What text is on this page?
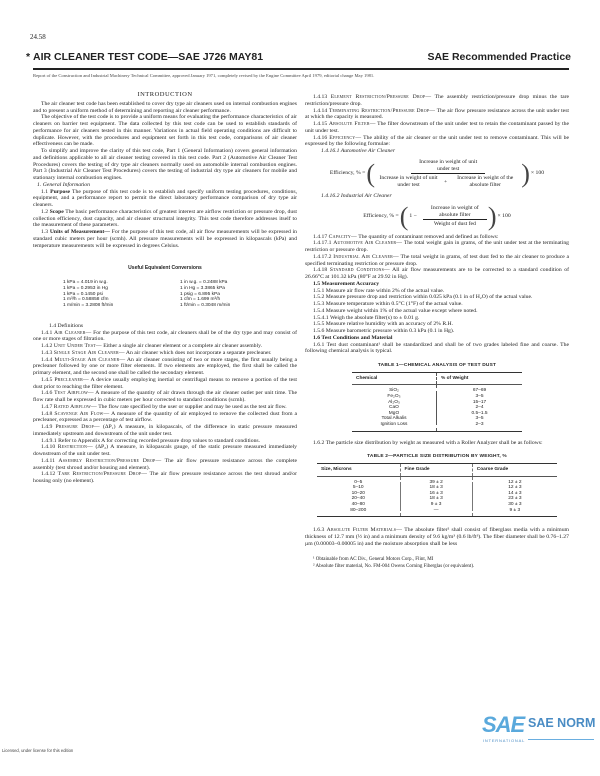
24.58
* AIR CLEANER TEST CODE—SAE J726 MAY81	SAE Recommended Practice
Report of the Construction and Industrial Machinery Technical Committee, approved January 1971, completely revised by the Engine Committee April 1979, editorial change May 1981.

INTRODUCTION

The air cleaner test code has been established to cover dry type air cleaners used on internal combustion engines and to present a uniform method of determining and reporting air cleaner performance.

The objective of the test code is to provide a uniform means for evaluating the performance characteristics of air cleaners on barrier test equipment. The data collected by this test code can be used to establish standards of performance for air cleaners tested in this manner. Variations in actual field operating conditions are difficult to duplicate. However, with the procedures and equipment set forth in this test code, comparisons of air cleaner effectiveness can be made.

To simplify and improve the clarity of this test code, Part 1 (General Information) covers general information and definitions applicable to all air cleaner testing covered in this test code. Part 2 (Automotive Air Cleaner Test Procedures) covers the testing of dry type air cleaners normally used on automobile internal combustion engines. Part 3 (Industrial Air Cleaner Test Procedures) covers the testing of industrial dry type air cleaners for mobile and stationary internal combustion engines.

1. General Information

1.1 Purpose The purpose of this test code is to establish and specify uniform testing procedures, conditions, equipment, and a performance report to permit the direct laboratory performance comparison of dry type air cleaners.

1.2 Scope The basic performance characteristics of greatest interest are airflow restriction or pressure drop, dust collection efficiency, dust capacity, and air cleaner structural integrity. This test code therefore addresses itself to the measurement of these parameters.

1.3 Units of Measurement— For the purpose of this test code, all air flow measurements will be expressed in standard cubic meters per hour (scmh). All pressure measurements will be expressed in kilopascals (kPa) and temperature measurements will be expressed in degrees Celsius.

Useful Equivalent Conversions
1 kPa = 4.019 in w.g.
1 kPa = 0.2953 in Hg
1 kPa = 0.1450 psi
1 m³/h = 0.58858 cfm
1 m/min = 3.2808 ft/min
1 in w.g. = 0.2488 kPa
1 in Hg = 3.3865 kPa
1 psig = 6.895 kPa
1 cfm = 1.699 m³/h
1 ft/min = 0.3048 m/min

1.4 Definitions

1.4.1 Air Cleaner— For the purpose of this test code, air cleaners shall be of the dry type and may consist of one or more stages of filtration.

1.4.2 Unit Under Test— Either a single air cleaner element or a complete air cleaner assembly.

1.4.3 Single Stage Air Cleaner— An air cleaner which does not incorporate a separate precleaner.

1.4.4 Multi-Stage Air Cleaner— An air cleaner consisting of two or more stages, the first usually being a precleaner followed by one or more filter elements. If two elements are employed, the first shall be called the primary element, and the second one shall be called the secondary element.

1.4.5 Precleaner— A device usually employing inertial or centrifugal means to remove a portion of the test dust prior to reaching the filter element.

1.4.6 Test Airflow— A measure of the quantity of air drawn through the air cleaner outlet per unit time. The flow rate shall be expressed in cubic meters per hour corrected to standard conditions (scmh).

1.4.7 Rated Airflow— The flow rate specified by the user or supplier and may be used as the test air flow.

1.4.8 Scavenge Air Flow— A measure of the quantity of air employed to remove the collected dust from a precleaner, expressed as a percentage of test airflow.

1.4.9 Pressure Drop— (ΔP₁) A measure, in kilopascals, of the difference in static pressure measured immediately upstream and downstream of the unit under test.

1.4.9.1 Refer to Appendix A for correcting recorded pressure drop values to standard conditions.

1.4.10 Restriction— (ΔP₂) A measure, in kilopascals gauge, of the static pressure measured immediately downstream of the unit under test.

1.4.11 Assembly Restriction/Pressure Drop— The air flow pressure resistance across the complete assembly (test shroud and/or housing and element).

1.4.12 Tare Restriction/Pressure Drop— The air flow pressure resistance across the test shroud and/or housing only (no element).

1.4.13 Element Restriction/Pressure Drop— The assembly restriction/pressure drop minus the tare restriction/pressure drop.

1.4.14 Terminating Restriction/Pressure Drop— The air flow pressure resistance across the unit under test at which the capacity is measured.

1.4.15 Absolute Filter— The filter downstream of the unit under test to retain the contaminant passed by the unit under test.

1.4.16 Efficiency— The ability of the air cleaner or the unit under test to remove contaminant. This will be expressed by the following formulae:

1.4.16.1 Automotive Air Cleaner

Efficiency, % = (	Increase in weight of unit under test
Increase in weight of unit under test
+
Increase in weight of the absolute filter ) × 100

1.4.16.2 Industrial Air Cleaner

Efficiency, % = ( $1 - \frac{\text{Increase in weight of absolute filter}}{\text{Weight of dust fed}}$ ) × 100

1.4.17 Capacity— The quantity of contaminant removed and defined as follows:

1.4.17.1 Automotive Air Cleaner— The total weight gain in grams, of the unit under test at the terminating restriction or pressure drop.

1.4.17.2 Industrial Air Cleaner— The total weight in grams, of test dust fed to the air cleaner to produce a specified terminating restriction or pressure drop.

1.4.18 Standard Conditions— All air flow measurements are to be corrected to a standard condition of 26.66°C at 101.32 kPa (80°F at 29.92 in Hg).

1.5 Measurement Accuracy

1.5.1 Measure air flow rate within 2% of the actual value.

1.5.2 Measure pressure drop and restriction within 0.025 kPa (0.1 in of H₂O) of the actual value.

1.5.3 Measure temperature within 0.5°C (1°F) of the actual value.

1.5.4 Measure weight within 1% of the actual value except where noted.

1.5.4.1 Weigh the absolute filter(s) to ± 0.01 g.

1.5.5 Measure relative humidity with an accuracy of 2% R.H.

1.5.6 Measure barometric pressure within 0.3 kPa (0.1 in Hg).

1.6 Test Conditions and Material

1.6.1 Test dust contaminant¹ shall be standardized and shall be of two grades labeled fine and coarse. The following chemical analysis is typical.

TABLE 1—CHEMICAL ANALYSIS OF TEST DUST
Chemical	% of Weight
SiO₂	67–69
Fe₂O₃	3–5
Al₂O₃	15–17
CaO	2–4
MgO	0.5–1.5
Total Alkalis	3–5
Ignition Loss	2–3

1.6.2 The particle size distribution by weight as measured with a Roller Analyzer shall be as follows:

TABLE 2—PARTICLE SIZE DISTRIBUTION BY WEIGHT, %
Size, Microns	Fine Grade	Coarse Grade
0–5	39 ± 2	12 ± 2
5–10	18 ± 3	12 ± 3
10–20	16 ± 3	14 ± 3
20–40	18 ± 3	23 ± 3
40–80	9 ± 3	30 ± 3
80–200	—	9 ± 3

1.6.3 Absolute Filter Materials— The absolute filter² shall consist of fiberglass media with a minimum thickness of 12.7 mm (½ in) and a minimum density of 9.6 kg/m³ (0.6 lb/ft³). The fiber diameter shall be 0.76–1.27 µm (0.00003–0.00005 in) and the moisture absorption shall be less

¹ Obtainable from AC Div., General Motors Corp., Flint, MI
² Absolute filter material, No. FM-004 Owens Corning Fiberglas (or equivalent).
Licensed, under license for this edition
SAE
INTERNATIONAL
SAE NORM
